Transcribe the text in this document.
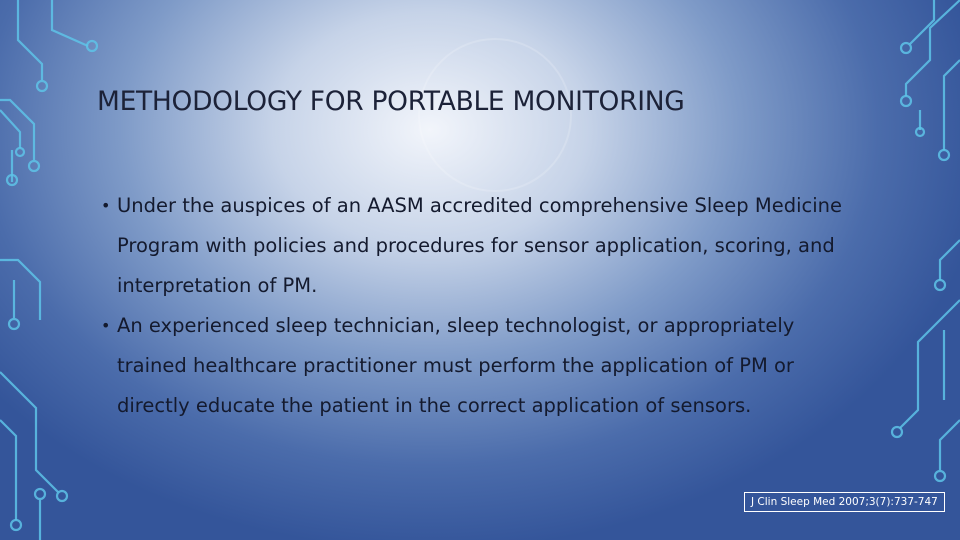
METHODOLOGY FOR PORTABLE MONITORING
• Under the auspices of an AASM accredited comprehensive Sleep Medicine Program with policies and procedures for sensor application, scoring, and interpretation of PM.
• An experienced sleep technician, sleep technologist, or appropriately trained healthcare practitioner must perform the application of PM or directly educate the patient in the correct application of sensors.
J Clin Sleep Med 2007;3(7):737-747
